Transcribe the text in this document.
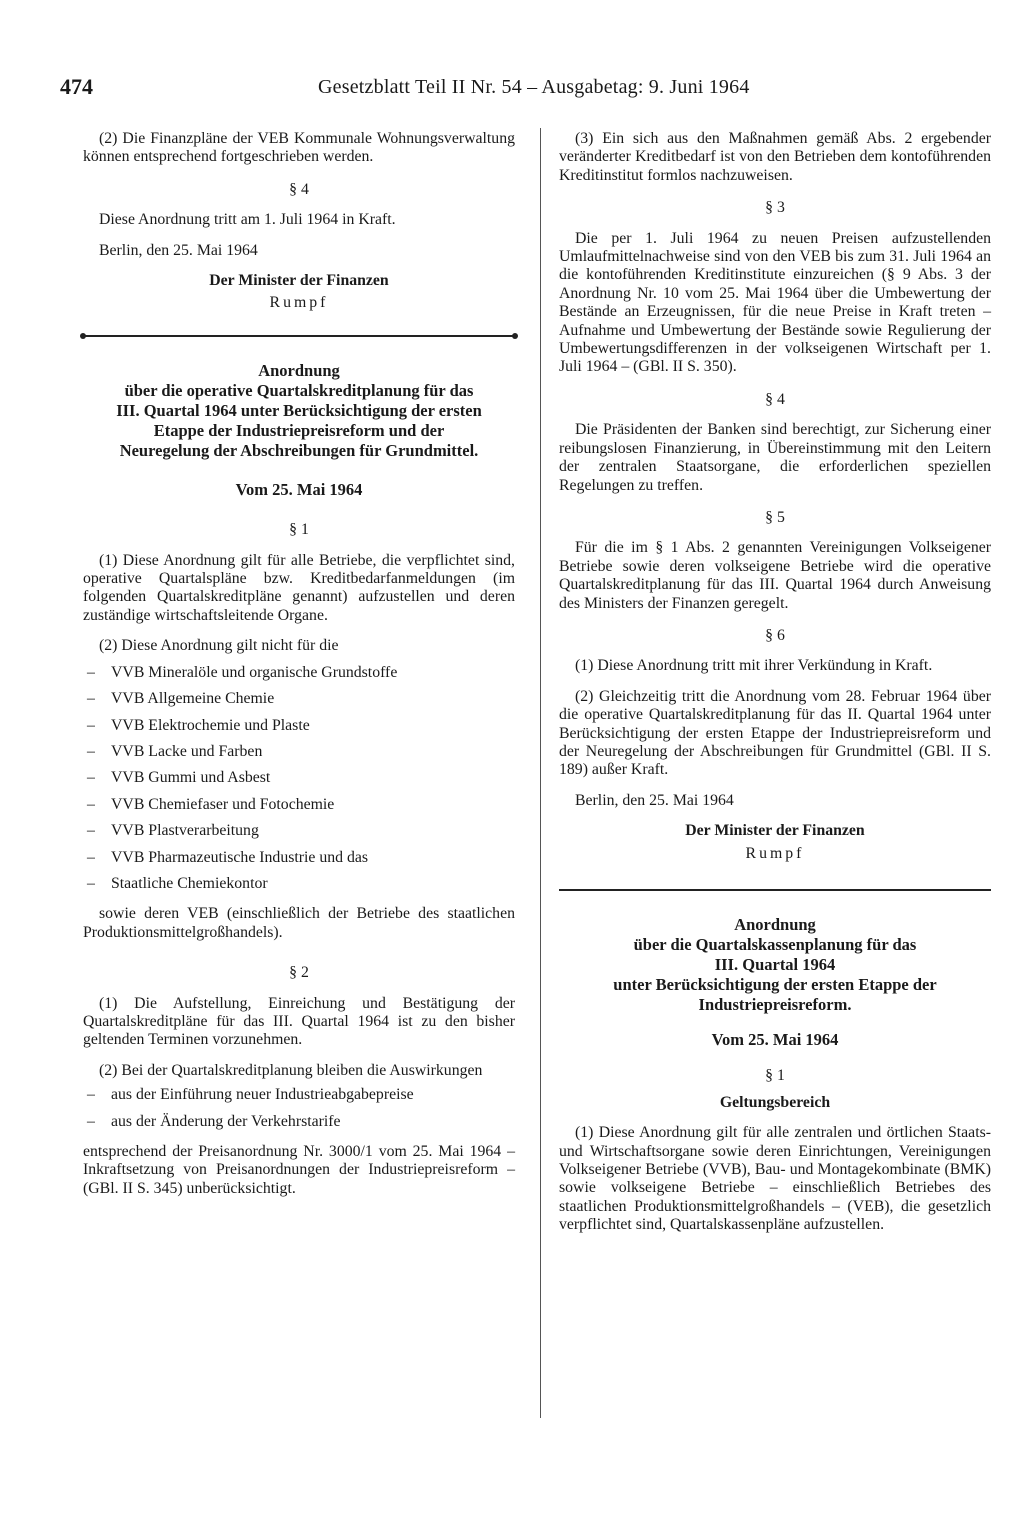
474	Gesetzblatt Teil II Nr. 54 – Ausgabetag: 9. Juni 1964

(2) Die Finanzpläne der VEB Kommunale Wohnungsverwaltung können entsprechend fortgeschrieben werden.

§ 4

Diese Anordnung tritt am 1. Juli 1964 in Kraft.

Berlin, den 25. Mai 1964

Der Minister der Finanzen
Rumpf
Anordnung
über die operative Quartalskreditplanung für das
III. Quartal 1964 unter Berücksichtigung der ersten
Etappe der Industriepreisreform und der
Neuregelung der Abschreibungen für Grundmittel.
Vom 25. Mai 1964
§ 1

(1) Diese Anordnung gilt für alle Betriebe, die verpflichtet sind, operative Quartalspläne bzw. Kreditbedarfanmeldungen (im folgenden Quartalskreditpläne genannt) aufzustellen und deren zuständige wirtschaftsleitende Organe.

(2) Diese Anordnung gilt nicht für die

– VVB Mineralöle und organische Grundstoffe
– VVB Allgemeine Chemie
– VVB Elektrochemie und Plaste
– VVB Lacke und Farben
– VVB Gummi und Asbest
– VVB Chemiefaser und Fotochemie
– VVB Plastverarbeitung
– VVB Pharmazeutische Industrie und das
– Staatliche Chemiekontor

sowie deren VEB (einschließlich der Betriebe des staatlichen Produktionsmittelgroßhandels).

§ 2

(1) Die Aufstellung, Einreichung und Bestätigung der Quartalskreditpläne für das III. Quartal 1964 ist zu den bisher geltenden Terminen vorzunehmen.

(2) Bei der Quartalskreditplanung bleiben die Auswirkungen

– aus der Einführung neuer Industrieabgabepreise
– aus der Änderung der Verkehrstarife

entsprechend der Preisanordnung Nr. 3000/1 vom 25. Mai 1964 – Inkraftsetzung von Preisanordnungen der Industriepreisreform – (GBl. II S. 345) unberücksichtigt.

(3) Ein sich aus den Maßnahmen gemäß Abs. 2 ergebender veränderter Kreditbedarf ist von den Betrieben dem kontoführenden Kreditinstitut formlos nachzuweisen.

§ 3

Die per 1. Juli 1964 zu neuen Preisen aufzustellenden Umlaufmittelnachweise sind von den VEB bis zum 31. Juli 1964 an die kontoführenden Kreditinstitute einzureichen (§ 9 Abs. 3 der Anordnung Nr. 10 vom 25. Mai 1964 über die Umbewertung der Bestände an Erzeugnissen, für die neue Preise in Kraft treten – Aufnahme und Umbewertung der Bestände sowie Regulierung der Umbewertungsdifferenzen in der volkseigenen Wirtschaft per 1. Juli 1964 – (GBl. II S. 350).

§ 4

Die Präsidenten der Banken sind berechtigt, zur Sicherung einer reibungslosen Finanzierung, in Übereinstimmung mit den Leitern der zentralen Staatsorgane, die erforderlichen speziellen Regelungen zu treffen.

§ 5

Für die im § 1 Abs. 2 genannten Vereinigungen Volkseigener Betriebe sowie deren volkseigene Betriebe wird die operative Quartalskreditplanung für das III. Quartal 1964 durch Anweisung des Ministers der Finanzen geregelt.

§ 6

(1) Diese Anordnung tritt mit ihrer Verkündung in Kraft.

(2) Gleichzeitig tritt die Anordnung vom 28. Februar 1964 über die operative Quartalskreditplanung für das II. Quartal 1964 unter Berücksichtigung der ersten Etappe der Industriepreisreform und der Neuregelung der Abschreibungen für Grundmittel (GBl. II S. 189) außer Kraft.

Berlin, den 25. Mai 1964

Der Minister der Finanzen
Rumpf
Anordnung
über die Quartalskassenplanung für das
III. Quartal 1964
unter Berücksichtigung der ersten Etappe der
Industriepreisreform.
Vom 25. Mai 1964
§ 1
Geltungsbereich

(1) Diese Anordnung gilt für alle zentralen und örtlichen Staats- und Wirtschaftsorgane sowie deren Einrichtungen, Vereinigungen Volkseigener Betriebe (VVB), Bau- und Montagekombinate (BMK) sowie volkseigene Betriebe – einschließlich Betriebes des staatlichen Produktionsmittelgroßhandels – (VEB), die gesetzlich verpflichtet sind, Quartalskassenpläne aufzustellen.
